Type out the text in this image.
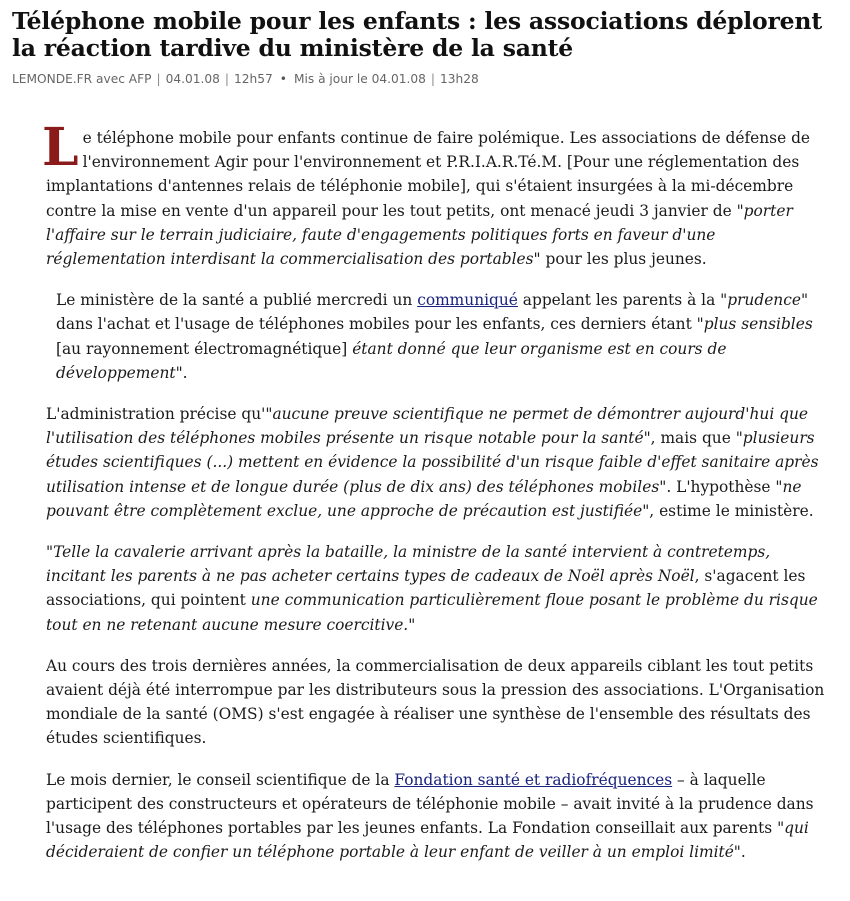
Téléphone mobile pour les enfants : les associations déplorent la réaction tardive du ministère de la santé
LEMONDE.FR avec AFP | 04.01.08 | 12h57 • Mis à jour le 04.01.08 | 13h28

Le téléphone mobile pour enfants continue de faire polémique. Les associations de défense de l'environnement Agir pour l'environnement et P.R.I.A.R.Té.M. [Pour une réglementation des implantations d'antennes relais de téléphonie mobile], qui s'étaient insurgées à la mi-décembre contre la mise en vente d'un appareil pour les tout petits, ont menacé jeudi 3 janvier de "porter l'affaire sur le terrain judiciaire, faute d'engagements politiques forts en faveur d'une réglementation interdisant la commercialisation des portables" pour les plus jeunes.

Le ministère de la santé a publié mercredi un communiqué appelant les parents à la "prudence" dans l'achat et l'usage de téléphones mobiles pour les enfants, ces derniers étant "plus sensibles [au rayonnement électromagnétique] étant donné que leur organisme est en cours de développement".

L'administration précise qu'"aucune preuve scientifique ne permet de démontrer aujourd'hui que l'utilisation des téléphones mobiles présente un risque notable pour la santé", mais que "plusieurs études scientifiques (...) mettent en évidence la possibilité d'un risque faible d'effet sanitaire après utilisation intense et de longue durée (plus de dix ans) des téléphones mobiles". L'hypothèse "ne pouvant être complètement exclue, une approche de précaution est justifiée", estime le ministère.

"Telle la cavalerie arrivant après la bataille, la ministre de la santé intervient à contretemps, incitant les parents à ne pas acheter certains types de cadeaux de Noël après Noël, s'agacent les associations, qui pointent une communication particulièrement floue posant le problème du risque tout en ne retenant aucune mesure coercitive."

Au cours des trois dernières années, la commercialisation de deux appareils ciblant les tout petits avaient déjà été interrompue par les distributeurs sous la pression des associations. L'Organisation mondiale de la santé (OMS) s'est engagée à réaliser une synthèse de l'ensemble des résultats des études scientifiques.

Le mois dernier, le conseil scientifique de la Fondation santé et radiofréquences – à laquelle participent des constructeurs et opérateurs de téléphonie mobile – avait invité à la prudence dans l'usage des téléphones portables par les jeunes enfants. La Fondation conseillait aux parents "qui décideraient de confier un téléphone portable à leur enfant de veiller à un emploi limité".
